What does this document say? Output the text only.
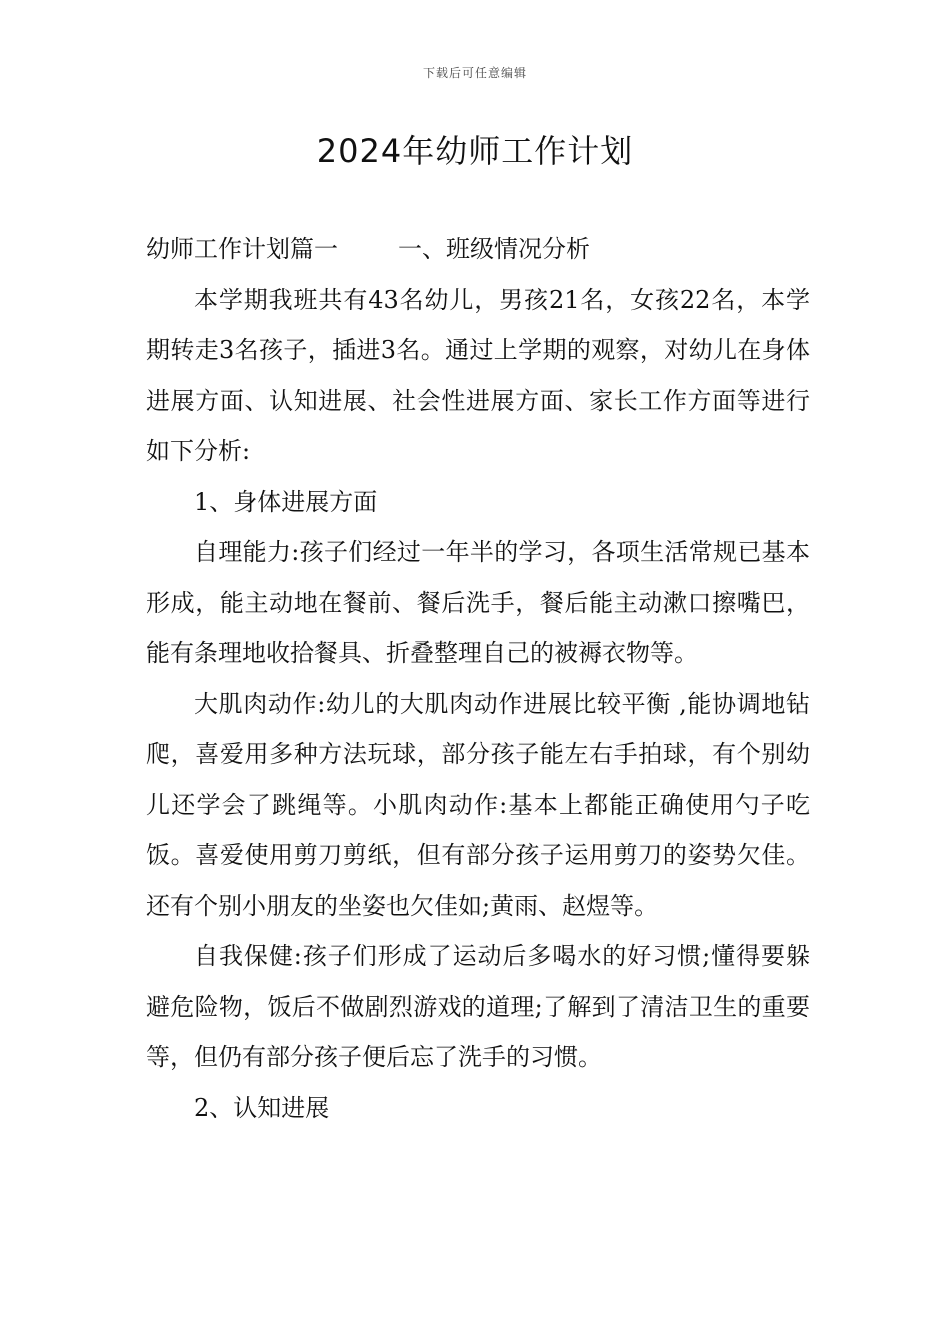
下载后可任意编辑
2024年幼师工作计划

幼师工作计划篇一	一、班级情况分析

本学期我班共有43名幼儿，男孩21名，女孩22名，本学期转走3名孩子，插进3名。通过上学期的观察，对幼儿在身体进展方面、认知进展、社会性进展方面、家长工作方面等进行如下分析:

1、身体进展方面

自理能力:孩子们经过一年半的学习，各项生活常规已基本形成，能主动地在餐前、餐后洗手，餐后能主动漱口擦嘴巴，能有条理地收拾餐具、折叠整理自己的被褥衣物等。

大肌肉动作:幼儿的大肌肉动作进展比较平衡 ,能协调地钻爬，喜爱用多种方法玩球，部分孩子能左右手拍球，有个别幼儿还学会了跳绳等。小肌肉动作:基本上都能正确使用勺子吃饭。喜爱使用剪刀剪纸，但有部分孩子运用剪刀的姿势欠佳。还有个别小朋友的坐姿也欠佳如;黄雨、赵煜等。

自我保健:孩子们形成了运动后多喝水的好习惯;懂得要躲避危险物，饭后不做剧烈游戏的道理;了解到了清洁卫生的重要等，但仍有部分孩子便后忘了洗手的习惯。

2、认知进展
